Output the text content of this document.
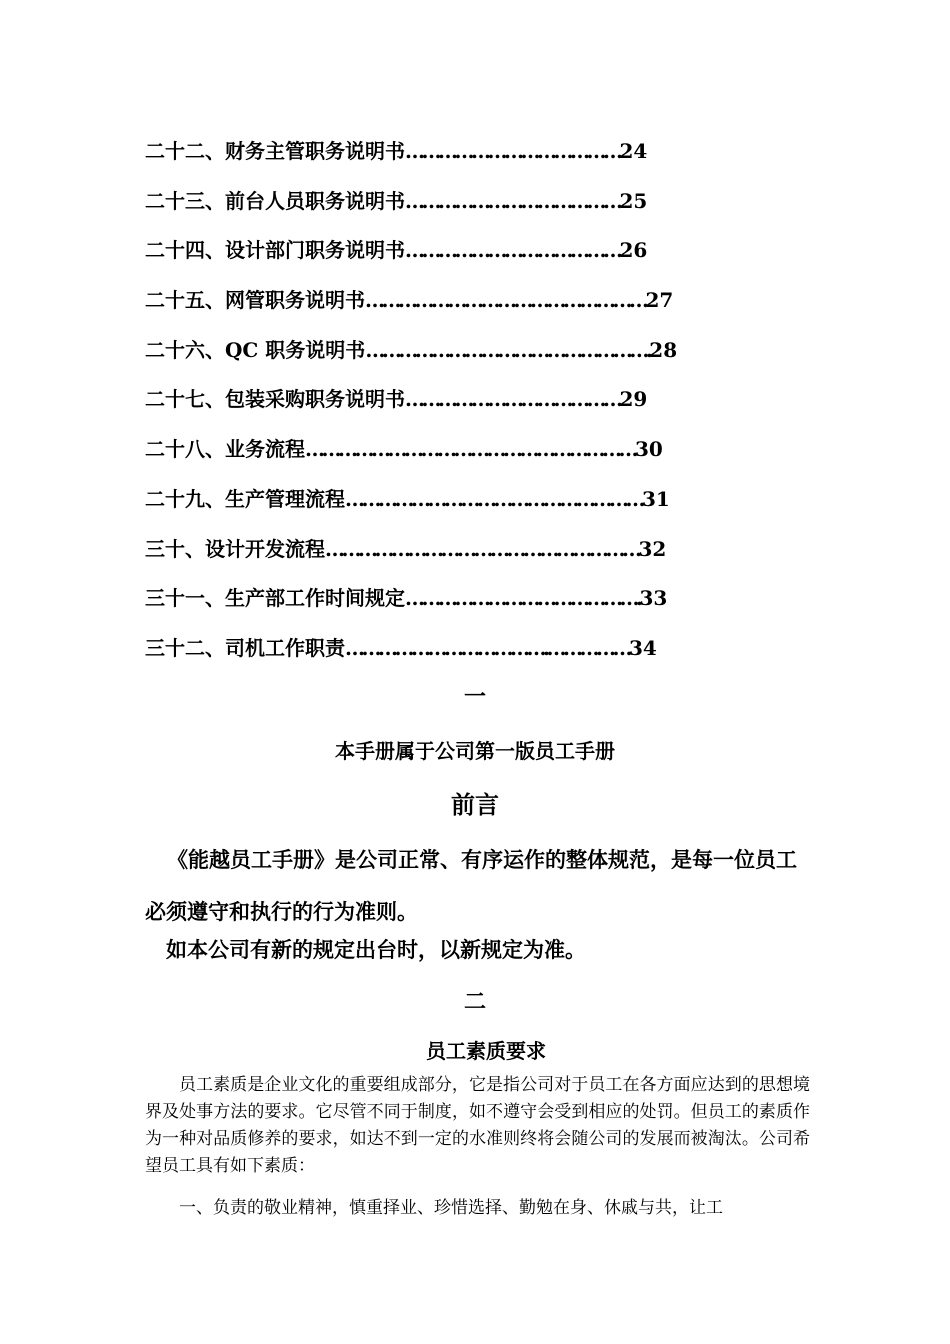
二十二、财务主管职务说明书…………………………………24
二十三、前台人员职务说明书…………………………………25
二十四、设计部门职务说明书…………………………………26
二十五、网管职务说明书……………………………………………27
二十六、QC 职务说明书…………………………………………….28
二十七、包装采购职务说明书…………………………………29
二十八、业务流程……………………………………………………30
二十九、生产管理流程………………………………………………31
三十、设计开发流程…………………………………………………32
三十一、生产部工作时间规定…………………………………….33
三十二、司机工作职责……………………………….……………34
一
本手册属于公司第一版员工手册
前言
《能越员工手册》是公司正常、有序运作的整体规范，是每一位员工必须遵守和执行的行为准则。
如本公司有新的规定出台时，以新规定为准。
二
员工素质要求
员工素质是企业文化的重要组成部分，它是指公司对于员工在各方面应达到的思想境界及处事方法的要求。它尽管不同于制度，如不遵守会受到相应的处罚。但员工的素质作为一种对品质修养的要求，如达不到一定的水准则终将会随公司的发展而被淘汰。公司希望员工具有如下素质：
一、负责的敬业精神，慎重择业、珍惜选择、勤勉在身、休戚与共，让工
